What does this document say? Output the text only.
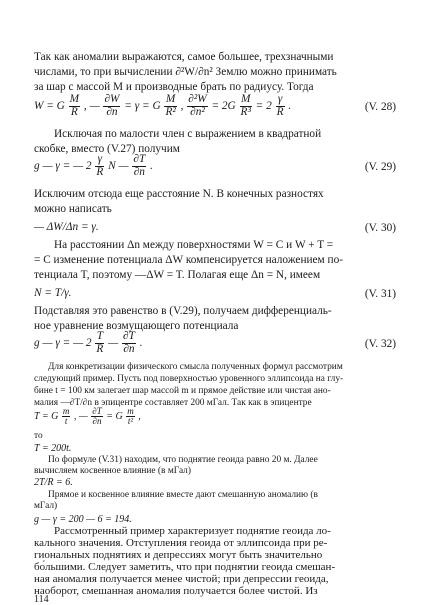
Так как аномалии выражаются, самое большее, трехзначными
числами, то при вычислении ∂²W/∂n² Землю можно принимать
за шар с массой M и производные брать по радиусу. Тогда
W = G $\frac{M}{R}$ , — $\frac{\partial W}{\partial n} = \gamma = G \frac{M}{\text{R²}}$ , $\frac{\text{∂²W}}{\text{∂n²}} = 2G \frac{M}{\text{R³}} = 2 \frac{\gamma}{R}$ .	(V. 28)
Исключая по малости член с выражением в квадратной
скобке, вместо (V.27) получим
g — γ = — $2 \frac{\gamma}{R}$ N — $\frac{\partial T}{\partial n}$ .	(V. 29)
Исключим отсюда еще расстояние N. В конечных разностях
можно написать
— ΔW/Δn = γ.	(V. 30)
На расстоянии Δn между поверхностями W = C и W + T =
= C изменение потенциала ΔW компенсируется наложением по-
тенциала T, поэтому —ΔW = T. Полагая еще Δn = N, имеем
N = T/γ.	(V. 31)
Подставляя это равенство в (V.29), получаем дифференциаль-
ное уравнение возмущающего потенциала
g — γ = — $2 \frac{T}{R}$ — $\frac{\partial T}{\partial n}$ .	(V. 32)
Для конкретизации физического смысла полученных формул рассмотрим
следующий пример. Пусть под поверхностью уровенного эллипсоида на глу-
бине t = 100 км залегает шар массой m и прямое действие или чистая ано-
малия —∂T/∂n в эпицентре составляет 200 мГал. Так как в эпицентре
T = G $\frac{m}{t}$ , — $\frac{\partial T}{\partial n} = G \frac{m}{\text{t²}}$ ,
то
T = 200t.
По формуле (V.31) находим, что поднятие геоида равно 20 м. Далее
вычисляем косвенное влияние (в мГал)
2T/R = 6.
Прямое и косвенное влияние вместе дают смешанную аномалию (в
мГал)
g — γ = 200 — 6 = 194.
114
Рассмотренный пример характеризует поднятие геоида ло-
кального значения. Отступления геоида от эллипсоида при ре-
гиональных поднятиях и депрессиях могут быть значительно
бо́льшими. Следует заметить, что при поднятии геоида смешан-
ная аномалия получается менее чистой; при депрессии геоида,
наоборот, смешанная аномалия получается более чистой. Из
